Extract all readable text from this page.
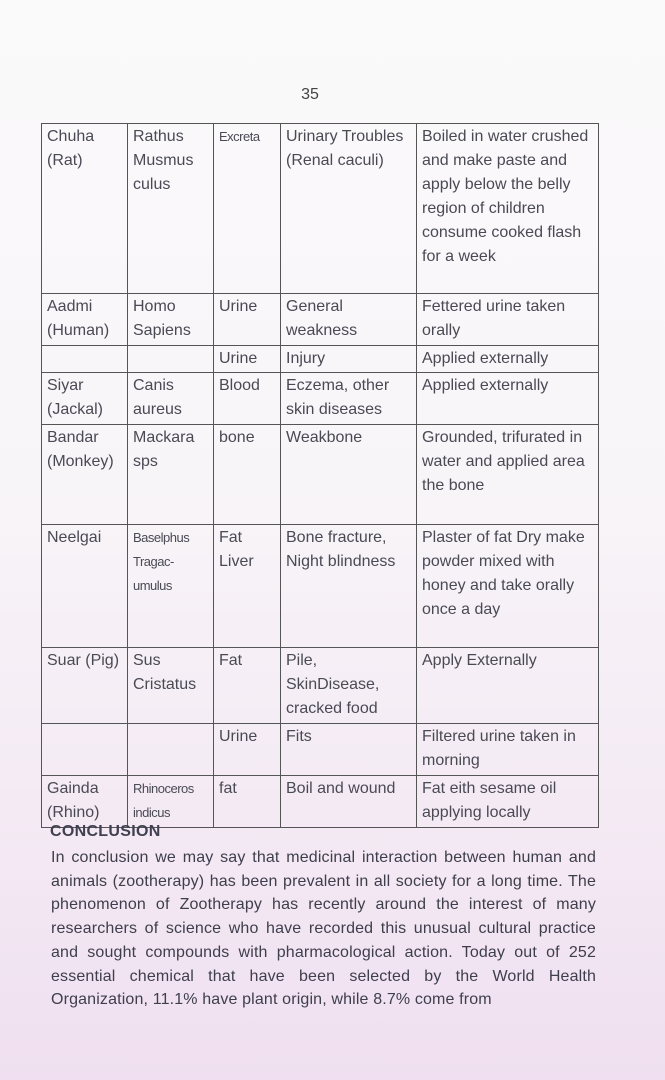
35
Chuha (Rat)	Rathus Musmus culus	Excreta	Urinary Troubles (Renal caculi)	Boiled in water crushed and make paste and apply below the belly region of children consume cooked flash for a week
Aadmi (Human)	Homo Sapiens	Urine	General weakness	Fettered urine taken orally
		Urine	Injury	Applied externally
Siyar (Jackal)	Canis aureus	Blood	Eczema, other skin diseases	Applied externally
Bandar (Monkey)	Mackara sps	bone	Weakbone	Grounded, trifurated in water and applied area the bone
Neelgai	Baselphus Tragac-umulus	Fat Liver	Bone fracture, Night blindness	Plaster of fat Dry make powder mixed with honey and take orally once a day
Suar (Pig)	Sus Cristatus	Fat	Pile, SkinDisease, cracked food	Apply Externally
		Urine	Fits	Filtered urine taken in morning
Gainda (Rhino)	Rhinoceros indicus	fat	Boil and wound	Fat eith sesame oil applying locally
CONCLUSION
In conclusion we may say that medicinal interaction between human and animals (zootherapy) has been prevalent in all society for a long time. The phenomenon of Zootherapy has recently around the interest of many researchers of science who have recorded this unusual cultural practice and sought compounds with pharmacological action. Today out of 252 essential chemical that have been selected by the World Health Organization, 11.1% have plant origin, while 8.7% come from
